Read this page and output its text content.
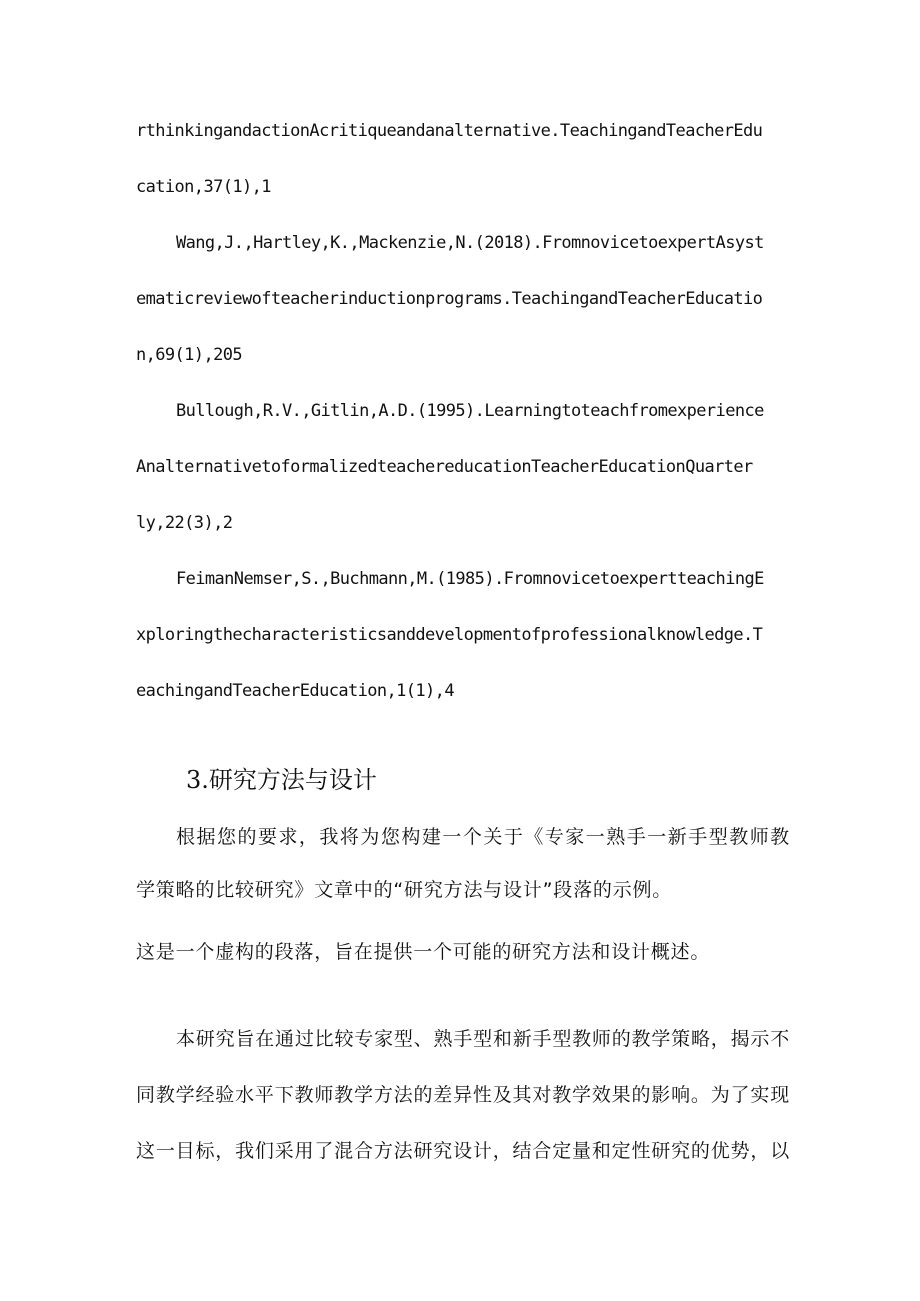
rthinkingandactionAcritiqueandanalternative.TeachingandTeacherEdu
cation,37(1),1
Wang,J.,Hartley,K.,Mackenzie,N.(2018).FromnovicetoexpertAsyst
ematicreviewofteacherinductionprograms.TeachingandTeacherEducatio
n,69(1),205
Bullough,R.V.,Gitlin,A.D.(1995).Learningtoteachfromexperience
AnalternativetoformalizedteachereducationTeacherEducationQuarter
ly,22(3),2
FeimanNemser,S.,Buchmann,M.(1985).FromnovicetoexpertteachingE
xploringthecharacteristicsanddevelopmentofprofessionalknowledge.T
eachingandTeacherEducation,1(1),4
3.研究方法与设计
根据您的要求，我将为您构建一个关于《专家一熟手一新手型教师教
学策略的比较研究》文章中的“研究方法与设计”段落的示例。
这是一个虚构的段落，旨在提供一个可能的研究方法和设计概述。
本研究旨在通过比较专家型、熟手型和新手型教师的教学策略，揭示不
同教学经验水平下教师教学方法的差异性及其对教学效果的影响。为了实现
这一目标，我们采用了混合方法研究设计，结合定量和定性研究的优势，以
